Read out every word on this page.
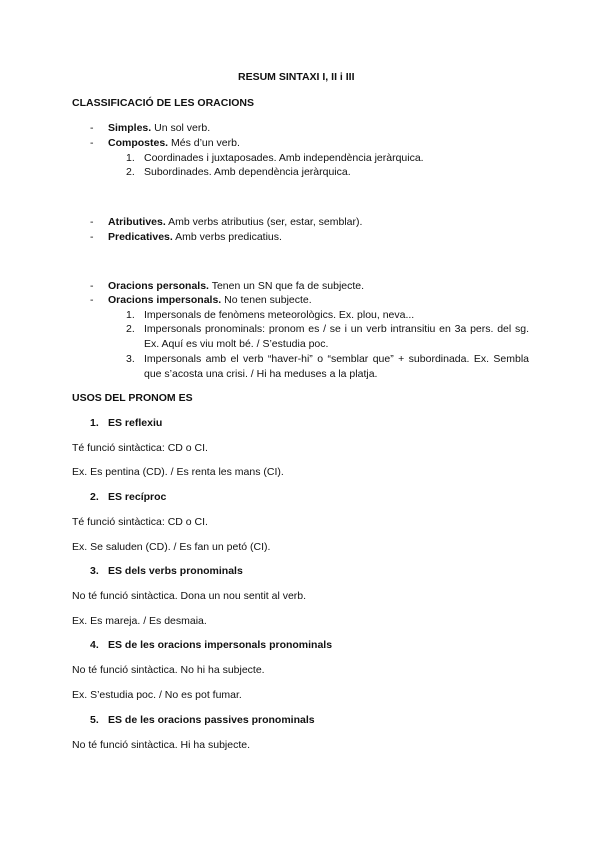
RESUM SINTAXI I, II i III
CLASSIFICACIÓ DE LES ORACIONS
- Simples. Un sol verb.
- Compostes. Més d’un verb.
1. Coordinades i juxtaposades. Amb independència jeràrquica.
2. Subordinades. Amb dependència jeràrquica.
- Atributives. Amb verbs atributius (ser, estar, semblar).
- Predicatives. Amb verbs predicatius.
- Oracions personals. Tenen un SN que fa de subjecte.
- Oracions impersonals. No tenen subjecte.
1. Impersonals de fenòmens meteorològics. Ex. plou, neva...
2. Impersonals pronominals: pronom es / se i un verb intransitiu en 3a pers. del sg. Ex. Aquí es viu molt bé. / S’estudia poc.
3. Impersonals amb el verb “haver-hi” o “semblar que” + subordinada. Ex. Sembla que s’acosta una crisi. / Hi ha meduses a la platja.
USOS DEL PRONOM ES
1. ES reflexiu
Té funció sintàctica: CD o CI.
Ex. Es pentina (CD). / Es renta les mans (CI).
2. ES recíproc
Té funció sintàctica: CD o CI.
Ex. Se saluden (CD). / Es fan un petó (CI).
3. ES dels verbs pronominals
No té funció sintàctica. Dona un nou sentit al verb.
Ex. Es mareja. / Es desmaia.
4. ES de les oracions impersonals pronominals
No té funció sintàctica. No hi ha subjecte.
Ex. S’estudia poc. / No es pot fumar.
5. ES de les oracions passives pronominals
No té funció sintàctica. Hi ha subjecte.
